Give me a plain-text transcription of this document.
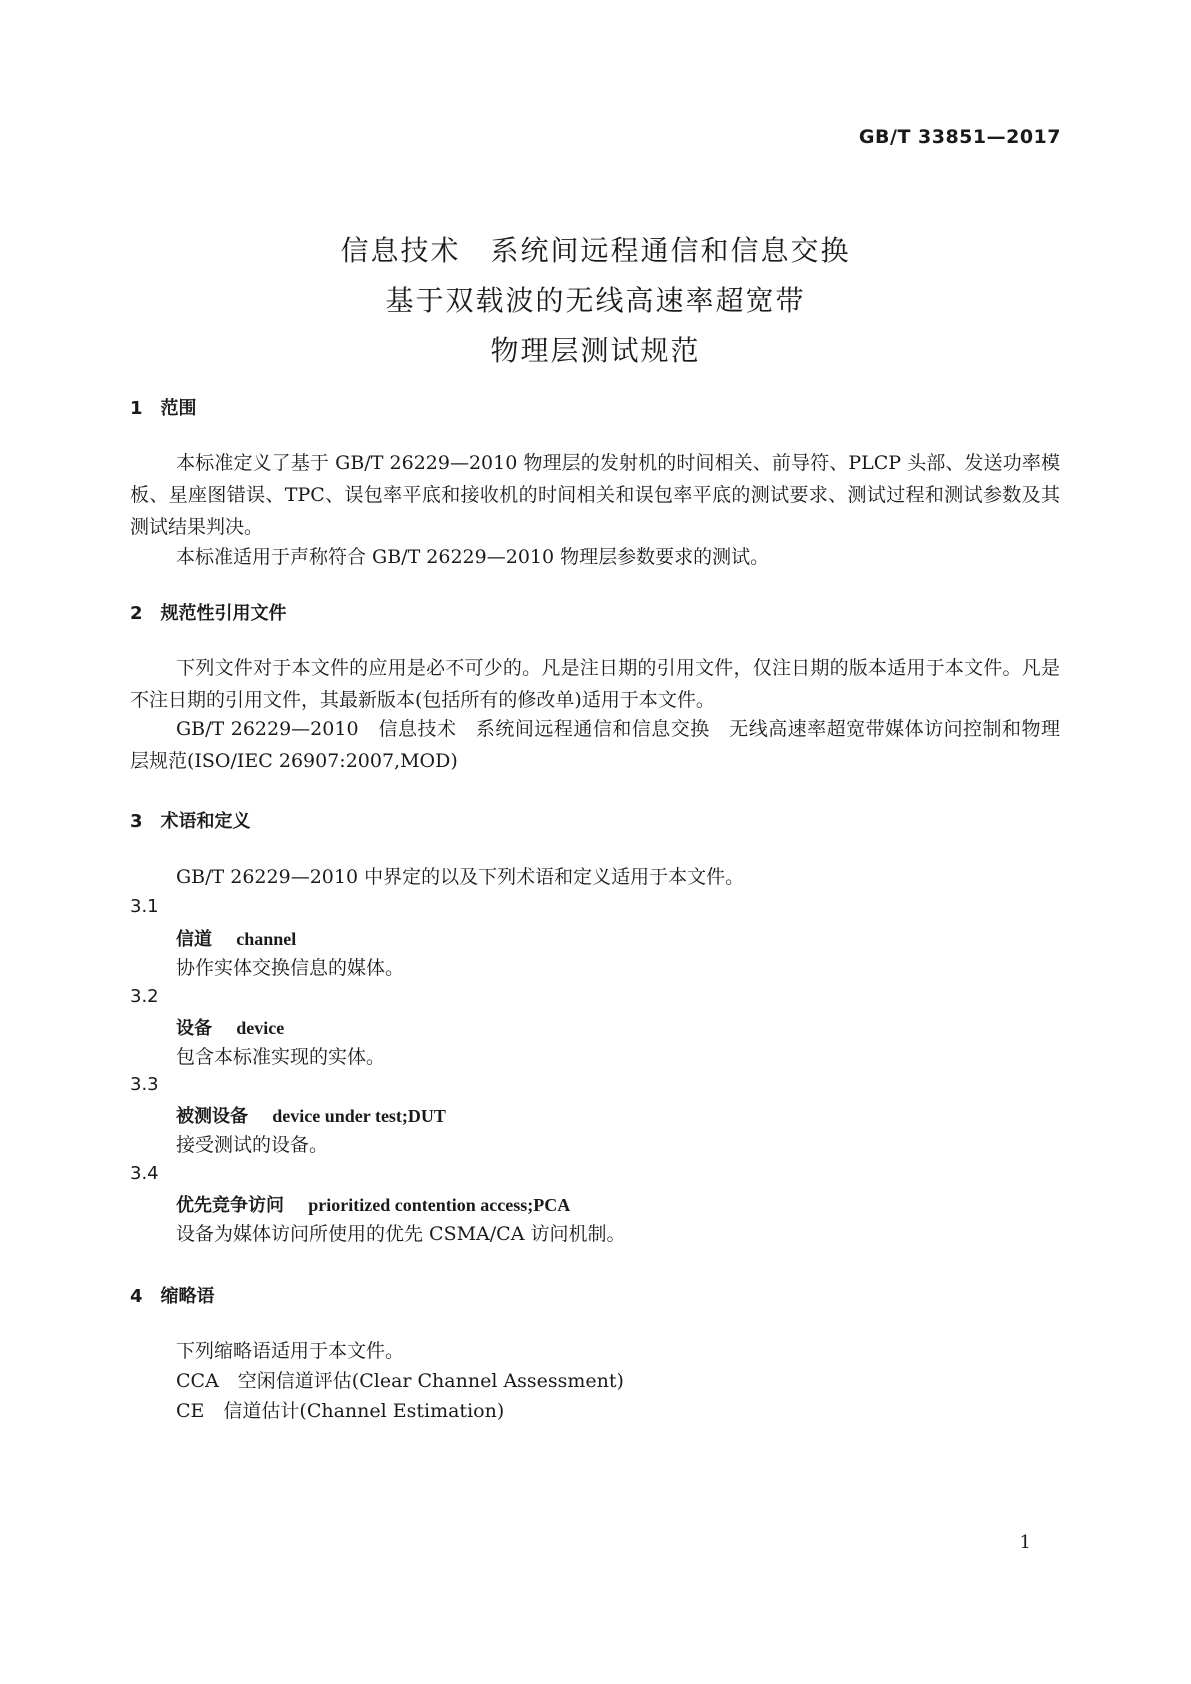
GB/T 33851—2017
信息技术　系统间远程通信和信息交换
基于双载波的无线高速率超宽带
物理层测试规范
1　范围
本标准定义了基于 GB/T 26229—2010 物理层的发射机的时间相关、前导符、PLCP 头部、发送功率模板、星座图错误、TPC、误包率平底和接收机的时间相关和误包率平底的测试要求、测试过程和测试参数及其测试结果判决。
本标准适用于声称符合 GB/T 26229—2010 物理层参数要求的测试。
2　规范性引用文件
下列文件对于本文件的应用是必不可少的。凡是注日期的引用文件，仅注日期的版本适用于本文件。凡是不注日期的引用文件，其最新版本(包括所有的修改单)适用于本文件。
GB/T 26229—2010　信息技术　系统间远程通信和信息交换　无线高速率超宽带媒体访问控制和物理层规范(ISO/IEC 26907:2007,MOD)
3　术语和定义
GB/T 26229—2010 中界定的以及下列术语和定义适用于本文件。
3.1
信道　 channel
协作实体交换信息的媒体。
3.2
设备　 device
包含本标准实现的实体。
3.3
被测设备　 device under test;DUT
接受测试的设备。
3.4
优先竞争访问　 prioritized contention access;PCA
设备为媒体访问所使用的优先 CSMA/CA 访问机制。
4　缩略语
下列缩略语适用于本文件。
CCA　空闲信道评估(Clear Channel Assessment)
CE　信道估计(Channel Estimation)
1
